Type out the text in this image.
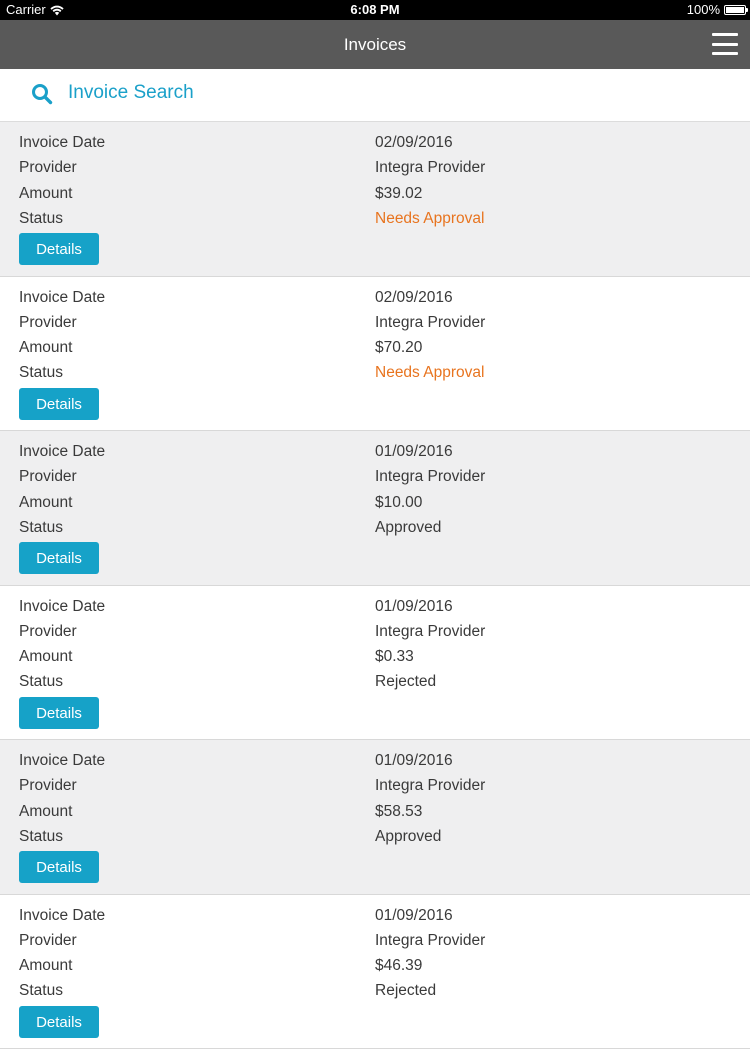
Carrier	6:08 PM	100%
Invoices
Invoice Search
Invoice Date	02/09/2016
Provider	Integra Provider
Amount	$39.02
Status	Needs Approval
Details
Invoice Date	02/09/2016
Provider	Integra Provider
Amount	$70.20
Status	Needs Approval
Details
Invoice Date	01/09/2016
Provider	Integra Provider
Amount	$10.00
Status	Approved
Details
Invoice Date	01/09/2016
Provider	Integra Provider
Amount	$0.33
Status	Rejected
Details
Invoice Date	01/09/2016
Provider	Integra Provider
Amount	$58.53
Status	Approved
Details
Invoice Date	01/09/2016
Provider	Integra Provider
Amount	$46.39
Status	Rejected
Details
